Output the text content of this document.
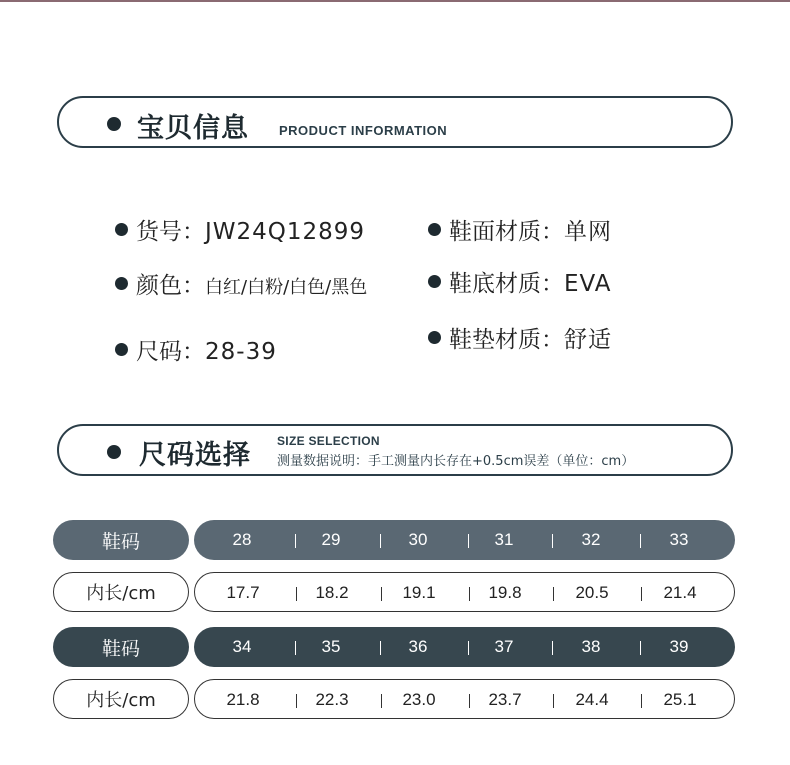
宝贝信息 PRODUCT INFORMATION
货号：JW24Q12899	鞋面材质：单网
颜色：白红/白粉/白色/黑色	鞋底材质：EVA
尺码：28-39	鞋垫材质：舒适
尺码选择 SIZE SELECTION
测量数据说明：手工测量内长存在+0.5cm误差（单位：cm）
鞋码	28	29	30	31	32	33
内长/cm	17.7	18.2	19.1	19.8	20.5	21.4
鞋码	34	35	36	37	38	39
内长/cm	21.8	22.3	23.0	23.7	24.4	25.1
